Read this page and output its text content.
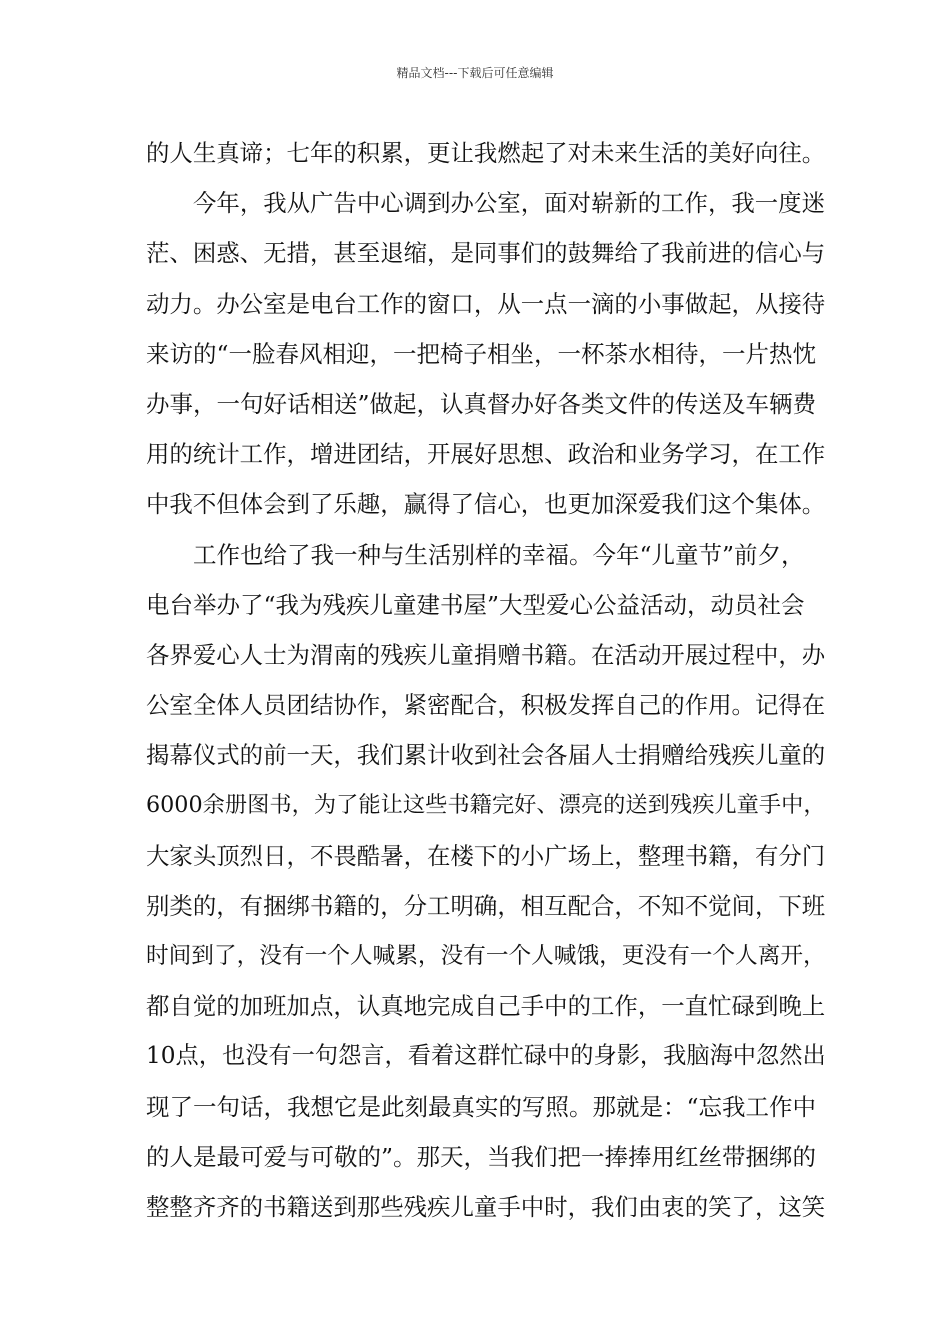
精品文档---下载后可任意编辑
的人生真谛；七年的积累，更让我燃起了对未来生活的美好向往。
今年，我从广告中心调到办公室，面对崭新的工作，我一度迷
茫、困惑、无措，甚至退缩，是同事们的鼓舞给了我前进的信心与
动力。办公室是电台工作的窗口，从一点一滴的小事做起，从接待
来访的“一脸春风相迎，一把椅子相坐，一杯茶水相待，一片热忱
办事，一句好话相送”做起，认真督办好各类文件的传送及车辆费
用的统计工作，增进团结，开展好思想、政治和业务学习，在工作
中我不但体会到了乐趣，赢得了信心，也更加深爱我们这个集体。
工作也给了我一种与生活别样的幸福。今年“儿童节”前夕，
电台举办了“我为残疾儿童建书屋”大型爱心公益活动，动员社会
各界爱心人士为渭南的残疾儿童捐赠书籍。在活动开展过程中，办
公室全体人员团结协作，紧密配合，积极发挥自己的作用。记得在
揭幕仪式的前一天，我们累计收到社会各届人士捐赠给残疾儿童的
6000余册图书，为了能让这些书籍完好、漂亮的送到残疾儿童手中，
大家头顶烈日，不畏酷暑，在楼下的小广场上，整理书籍，有分门
别类的，有捆绑书籍的，分工明确，相互配合，不知不觉间，下班
时间到了，没有一个人喊累，没有一个人喊饿，更没有一个人离开，
都自觉的加班加点，认真地完成自己手中的工作，一直忙碌到晚上
10点，也没有一句怨言，看着这群忙碌中的身影，我脑海中忽然出
现了一句话，我想它是此刻最真实的写照。那就是：“忘我工作中
的人是最可爱与可敬的”。那天，当我们把一捧捧用红丝带捆绑的
整整齐齐的书籍送到那些残疾儿童手中时，我们由衷的笑了，这笑
